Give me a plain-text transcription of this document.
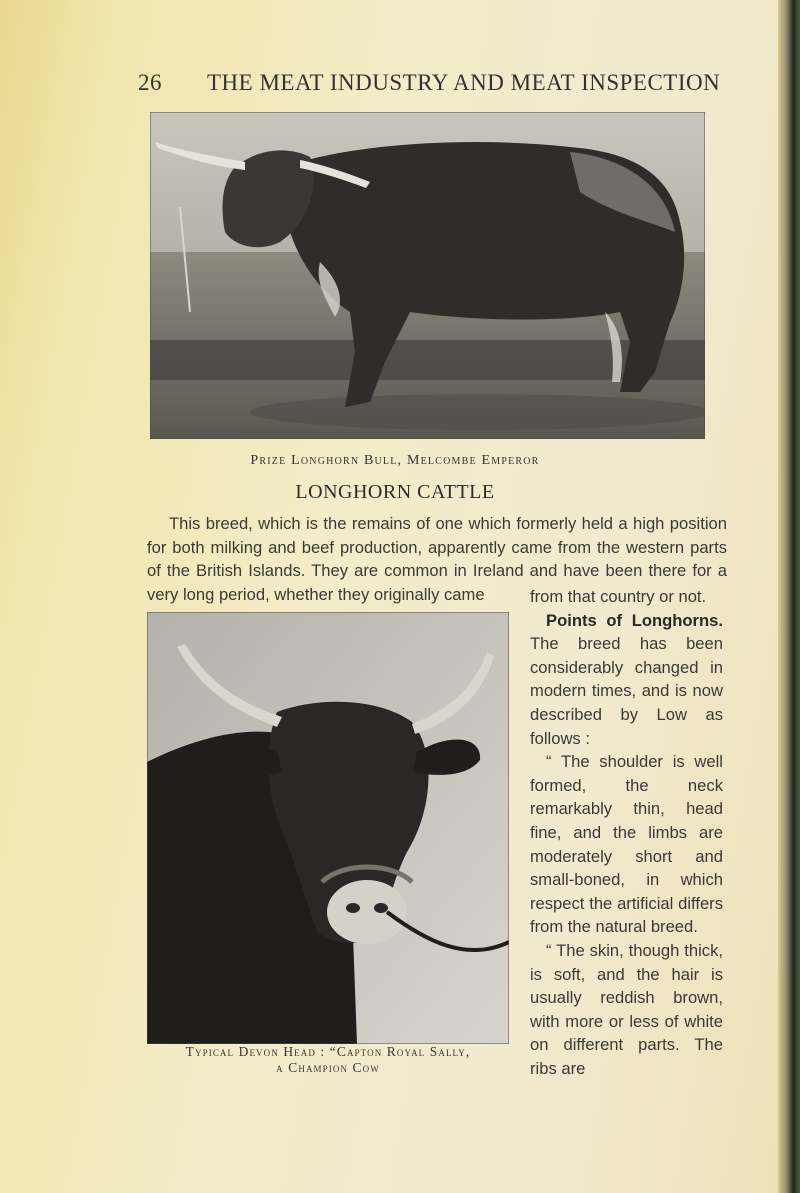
26 THE MEAT INDUSTRY AND MEAT INSPECTION
Prize Longhorn Bull, Melcombe Emperor
LONGHORN CATTLE
This breed, which is the remains of one which formerly held a high position for both milking and beef production, apparently came from the western parts of the British Islands. They are common in Ireland and have been there for a very long period, whether they originally came
Typical Devon Head : “Capton Royal Sally,
a Champion Cow

from that country or not.

Points of Longhorns. The breed has been considerably changed in modern times, and is now described by Low as follows :

“ The shoulder is well formed, the neck remarkably thin, head fine, and the limbs are moderately short and small-boned, in which respect the artificial differs from the natural breed.

“ The skin, though thick, is soft, and the hair is usually reddish brown, with more or less of white on different parts. The ribs are
